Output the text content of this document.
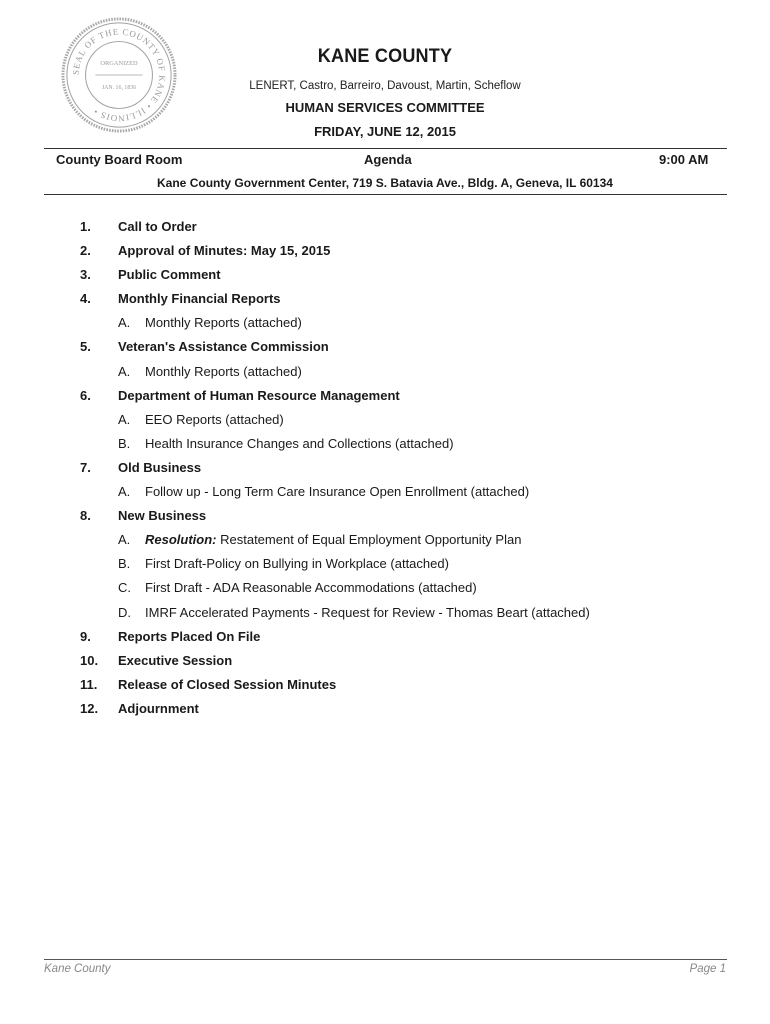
SEAL OF THE COUNTY OF KANE • ILLINOIS •
ORGANIZED
JAN. 16, 1836
KANE COUNTY
LENERT, Castro, Barreiro, Davoust, Martin, Scheflow
HUMAN SERVICES COMMITTEE
FRIDAY, JUNE 12, 2015
County Board Room	Agenda	9:00 AM
Kane County Government Center, 719 S. Batavia Ave., Bldg. A, Geneva, IL 60134
1.	Call to Order
2.	Approval of Minutes: May 15, 2015
3.	Public Comment
4.	Monthly Financial Reports
A.	Monthly Reports (attached)
5.	Veteran's Assistance Commission
A.	Monthly Reports (attached)
6.	Department of Human Resource Management
A.	EEO Reports (attached)
B.	Health Insurance Changes and Collections (attached)
7.	Old Business
A.	Follow up - Long Term Care Insurance Open Enrollment (attached)
8.	New Business
A.	Resolution: Restatement of Equal Employment Opportunity Plan
B.	First Draft-Policy on Bullying in Workplace (attached)
C.	First Draft - ADA Reasonable Accommodations (attached)
D.	IMRF Accelerated Payments - Request for Review - Thomas Beart (attached)
9.	Reports Placed On File
10.	Executive Session
11.	Release of Closed Session Minutes
12.	Adjournment
Kane County	Page 1
